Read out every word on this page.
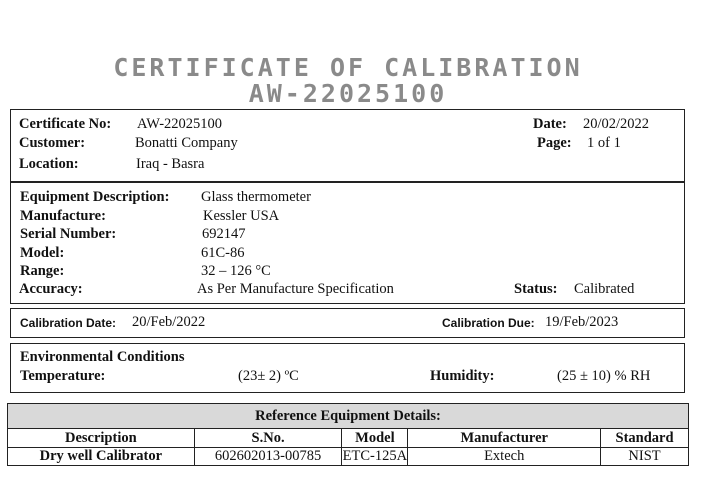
CERTIFICATE OF CALIBRATION
AW-22025100
Certificate No: AW-22025100
Customer:	Bonatti Company
Location:	Iraq - Basra
Date: 20/02/2022
Page: 1 of 1
Equipment Description: Glass thermometer
Manufacture:	Kessler USA
Serial Number:	692147
Model:	61C-86
Range:	32 – 126 °C
Accuracy:	As Per Manufacture Specification	Status: Calibrated
Calibration Date: 20/Feb/2022	Calibration Due: 19/Feb/2023
Environmental Conditions
Temperature:	(23± 2) ºC	Humidity:	(25 ± 10) % RH
Reference Equipment Details:				
Description	S.No.	Model	Manufacturer	Standard
Dry well Calibrator	602602013-00785	ETC-125A	Extech	NIST
